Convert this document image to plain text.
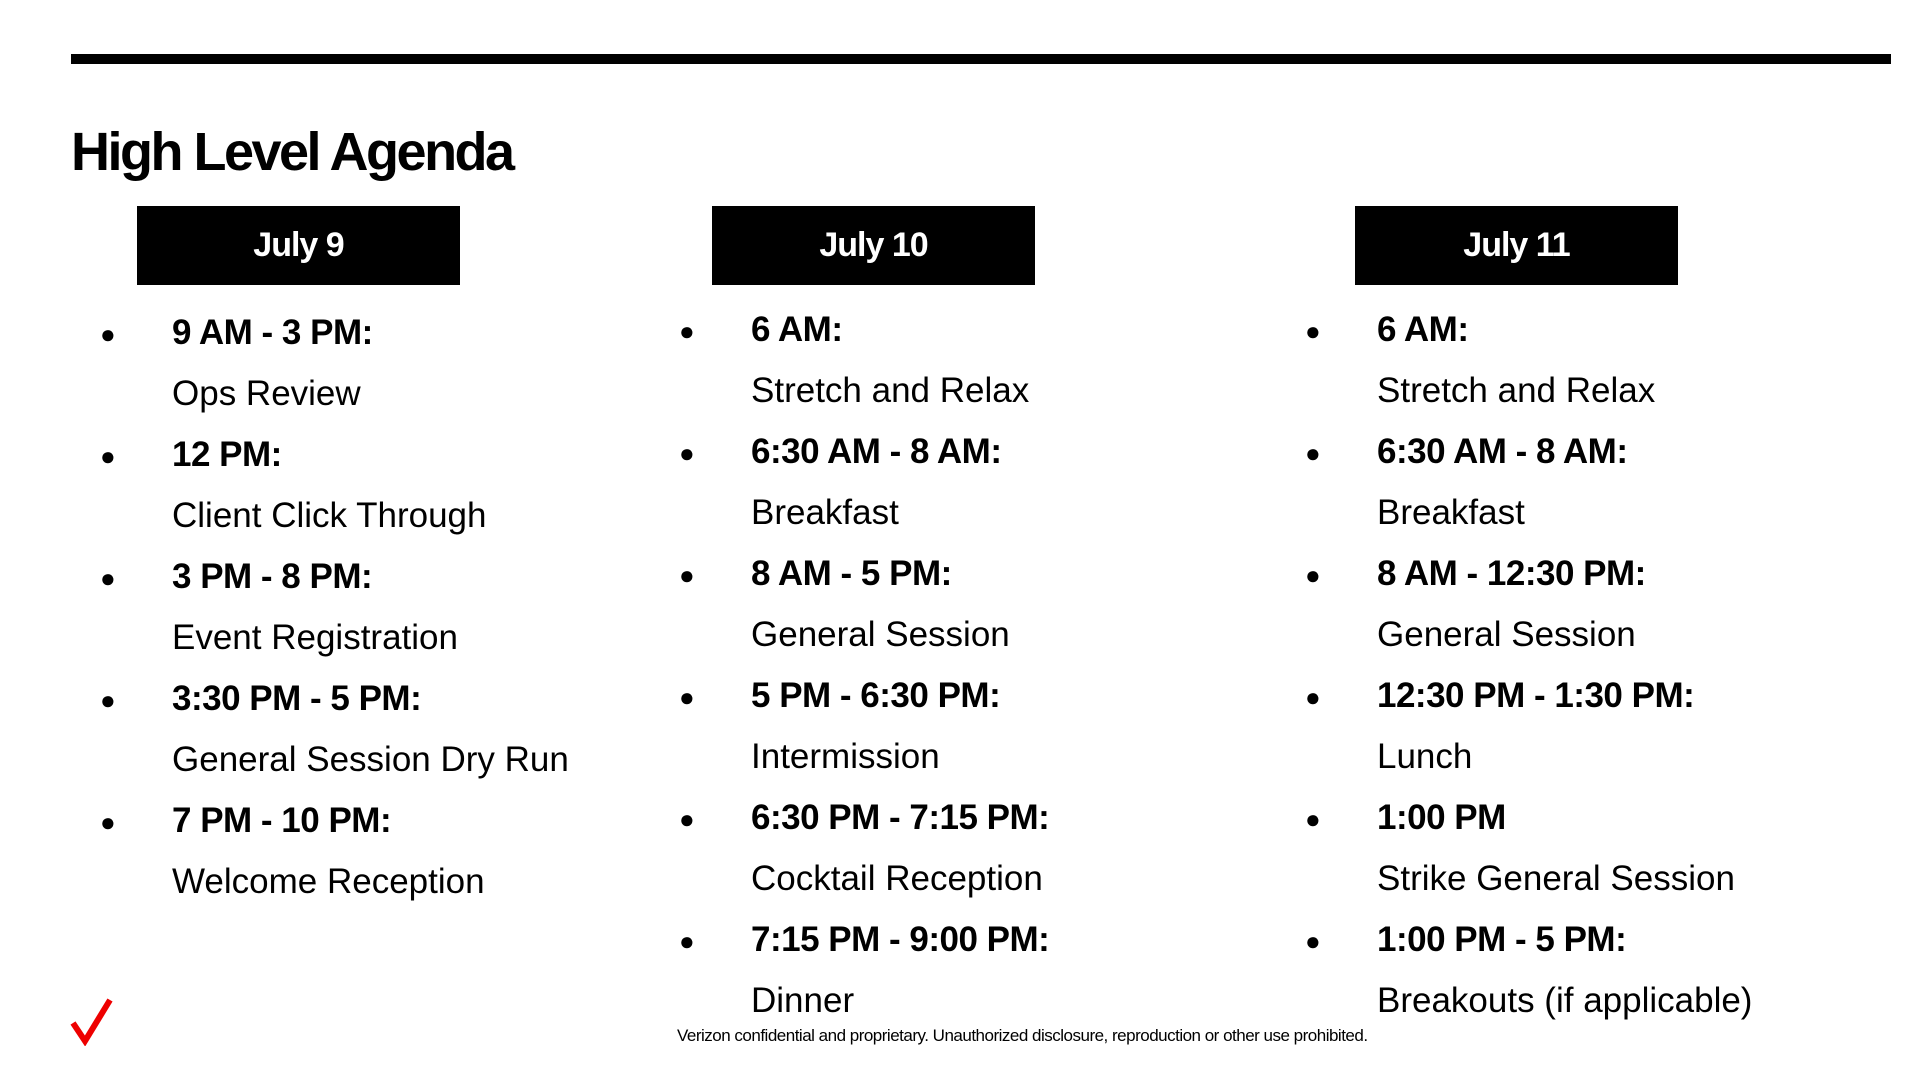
High Level Agenda
July 9
● 9 AM - 3 PM:
Ops Review
● 12 PM:
Client Click Through
● 3 PM - 8 PM:
Event Registration
● 3:30 PM - 5 PM:
General Session Dry Run
● 7 PM - 10 PM:
Welcome Reception
July 10
● 6 AM:
Stretch and Relax
● 6:30 AM - 8 AM:
Breakfast
● 8 AM - 5 PM:
General Session
● 5 PM - 6:30 PM:
Intermission
● 6:30 PM - 7:15 PM:
Cocktail Reception
● 7:15 PM - 9:00 PM:
Dinner
July 11
● 6 AM:
Stretch and Relax
● 6:30 AM - 8 AM:
Breakfast
● 8 AM - 12:30 PM:
General Session
● 12:30 PM - 1:30 PM:
Lunch
● 1:00 PM
Strike General Session
● 1:00 PM - 5 PM:
Breakouts (if applicable)
Verizon confidential and proprietary. Unauthorized disclosure, reproduction or other use prohibited.
